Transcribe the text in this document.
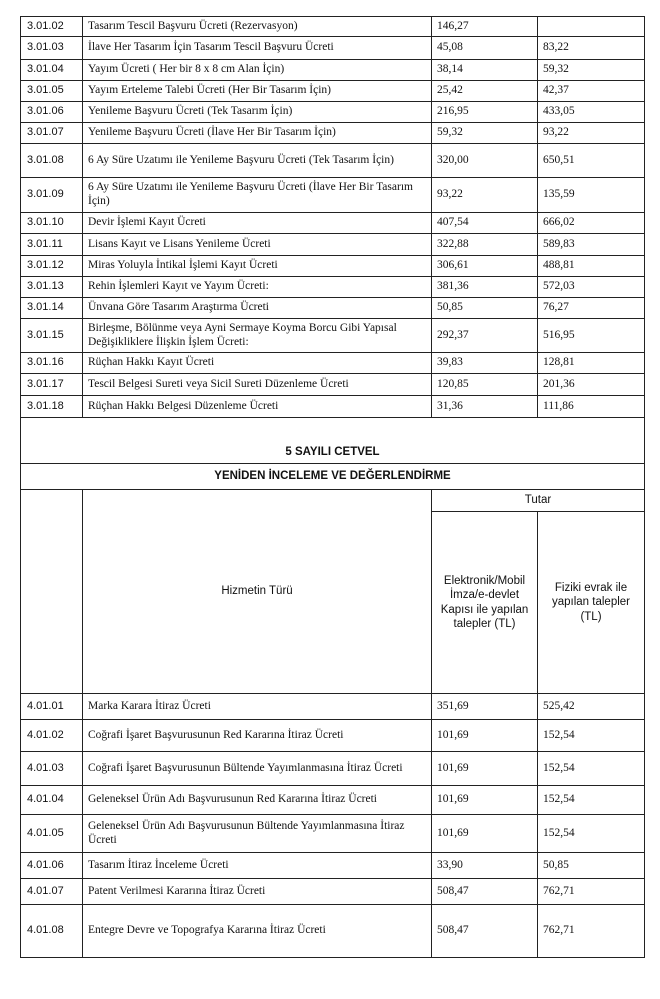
3.01.02	Tasarım Tescil Başvuru Ücreti (Rezervasyon)	146,27	
3.01.03	İlave Her Tasarım İçin Tasarım Tescil Başvuru Ücreti	45,08	83,22
3.01.04	Yayım Ücreti ( Her bir 8 x 8 cm Alan İçin)	38,14	59,32
3.01.05	Yayım Erteleme Talebi Ücreti (Her Bir Tasarım İçin)	25,42	42,37
3.01.06	Yenileme Başvuru Ücreti (Tek Tasarım İçin)	216,95	433,05
3.01.07	Yenileme Başvuru Ücreti (İlave Her Bir Tasarım İçin)	59,32	93,22
3.01.08	6 Ay Süre Uzatımı ile Yenileme Başvuru Ücreti (Tek Tasarım İçin)	320,00	650,51
3.01.09	6 Ay Süre Uzatımı ile Yenileme Başvuru Ücreti (İlave Her Bir Tasarım İçin)	93,22	135,59
3.01.10	Devir İşlemi Kayıt Ücreti	407,54	666,02
3.01.11	Lisans Kayıt ve Lisans Yenileme Ücreti	322,88	589,83
3.01.12	Miras Yoluyla İntikal İşlemi Kayıt Ücreti	306,61	488,81
3.01.13	Rehin İşlemleri Kayıt ve Yayım Ücreti:	381,36	572,03
3.01.14	Ünvana Göre Tasarım Araştırma Ücreti	50,85	76,27
3.01.15	Birleşme, Bölünme veya Ayni Sermaye Koyma Borcu Gibi Yapısal Değişikliklere İlişkin İşlem Ücreti:	292,37	516,95
3.01.16	Rüçhan Hakkı Kayıt Ücreti	39,83	128,81
3.01.17	Tescil Belgesi Sureti veya Sicil Sureti Düzenleme Ücreti	120,85	201,36
3.01.18	Rüçhan Hakkı Belgesi Düzenleme Ücreti	31,36	111,86

5 SAYILI CETVEL			
YENİDEN İNCELEME VE DEĞERLENDİRME			
	Hizmetin Türü	Tutar	
		Elektronik/Mobil İmza/e-devlet Kapısı ile yapılan talepler (TL)	Fiziki evrak ile yapılan talepler (TL)
4.01.01	Marka Karara İtiraz Ücreti	351,69	525,42
4.01.02	Coğrafi İşaret Başvurusunun Red Kararına İtiraz Ücreti	101,69	152,54
4.01.03	Coğrafi İşaret Başvurusunun Bültende Yayımlanmasına İtiraz Ücreti	101,69	152,54
4.01.04	Geleneksel Ürün Adı Başvurusunun Red Kararına İtiraz Ücreti	101,69	152,54
4.01.05	Geleneksel Ürün Adı Başvurusunun Bültende Yayımlanmasına İtiraz Ücreti	101,69	152,54
4.01.06	Tasarım İtiraz İnceleme Ücreti	33,90	50,85
4.01.07	Patent Verilmesi Kararına İtiraz Ücreti	508,47	762,71
4.01.08	Entegre Devre ve Topografya Kararına İtiraz Ücreti	508,47	762,71
